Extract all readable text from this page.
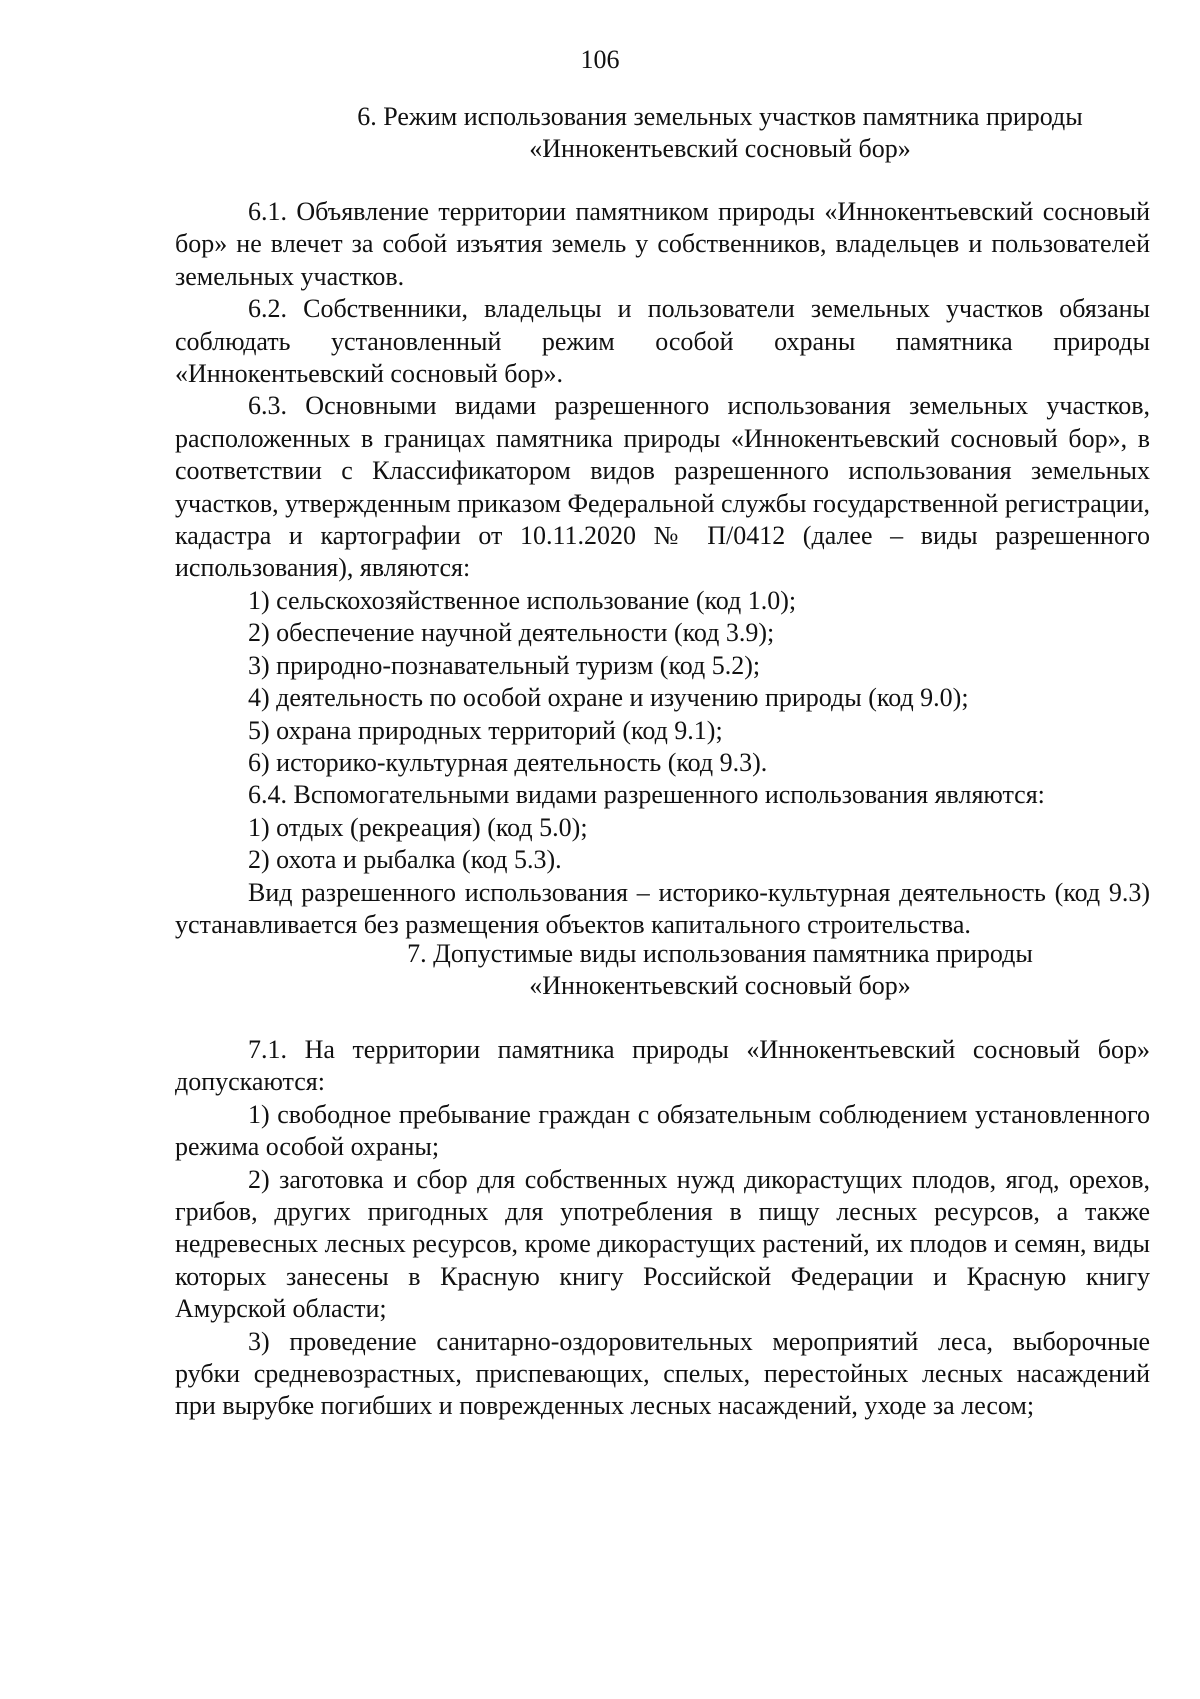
106
6. Режим использования земельных участков памятника природы
«Иннокентьевский сосновый бор»

6.1. Объявление территории памятником природы «Иннокентьевский сосновый бор» не влечет за собой изъятия земель у собственников, владельцев и пользователей земельных участков.

6.2. Собственники, владельцы и пользователи земельных участков обязаны соблюдать установленный режим особой охраны памятника природы «Иннокентьевский сосновый бор».

6.3. Основными видами разрешенного использования земельных участков, расположенных в границах памятника природы «Иннокентьевский сосновый бор», в соответствии с Классификатором видов разрешенного использования земельных участков, утвержденным приказом Федеральной службы государственной регистрации, кадастра и картографии от 10.11.2020 № П/0412 (далее – виды разрешенного использования), являются:

1) сельскохозяйственное использование (код 1.0);

2) обеспечение научной деятельности (код 3.9);

3) природно-познавательный туризм (код 5.2);

4) деятельность по особой охране и изучению природы (код 9.0);

5) охрана природных территорий (код 9.1);

6) историко-культурная деятельность (код 9.3).

6.4. Вспомогательными видами разрешенного использования являются:

1) отдых (рекреация) (код 5.0);

2) охота и рыбалка (код 5.3).

Вид разрешенного использования – историко-культурная деятельность (код 9.3) устанавливается без размещения объектов капитального строительства.

7. Допустимые виды использования памятника природы
«Иннокентьевский сосновый бор»

7.1. На территории памятника природы «Иннокентьевский сосновый бор» допускаются:

1) свободное пребывание граждан с обязательным соблюдением установленного режима особой охраны;

2) заготовка и сбор для собственных нужд дикорастущих плодов, ягод, орехов, грибов, других пригодных для употребления в пищу лесных ресурсов, а также недревесных лесных ресурсов, кроме дикорастущих растений, их плодов и семян, виды которых занесены в Красную книгу Российской Федерации и Красную книгу Амурской области;

3) проведение санитарно-оздоровительных мероприятий леса, выборочные рубки средневозрастных, приспевающих, спелых, перестойных лесных насаждений при вырубке погибших и поврежденных лесных насаждений, уходе за лесом;
